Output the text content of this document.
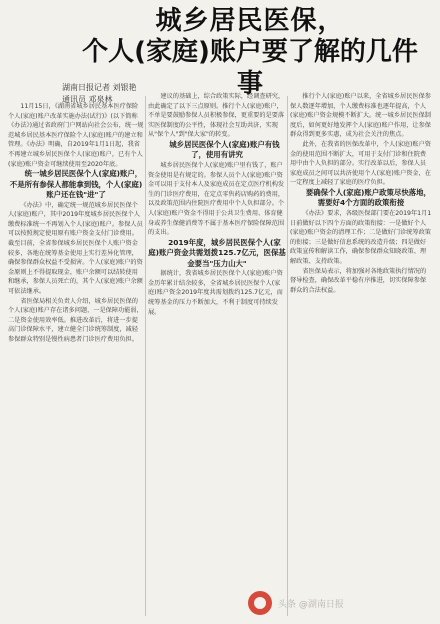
城乡居民医保，
个人(家庭)账户要了解的几件事
湖南日报记者 刘银艳
通讯员 邓泉林

11月15日，《湖南省城乡居民基本医疗保险个人(家庭)账户改革实施办法(试行)》(以下简称《办法》)通过省政府门户网站向社会公布，统一规范城乡居民基本医疗保险个人(家庭)账户的建立和管理。《办法》明确，自2019年1月1日起，我省不再建立城乡居民医保个人(家庭)账户，已有个人(家庭)账户资金可继续使用至2020年底。

统一城乡居民医保个人(家庭)账户，不是所有参保人都能拿到钱，个人(家庭)账户还在钱"进"了

《办法》中，确定统一规范城乡居民医保个人(家庭)账户，其中2019年度城乡居民医保个人缴费标准统一不再划入个人(家庭)账户。参保人员可以按照规定使用原有账户资金支付门诊费用。截至目前，全省参保城乡居民医保个人账户资金较多，各地在统筹基金使用上实行差异化管理，确保参保群众权益不受损害。个人(家庭)账户的资金原则上不得提取现金，账户余额可以结转使用和继承，参保人员死亡的，其个人(家庭)账户余额可依法继承。

省医保局相关负责人介绍，城乡居民医保的个人(家庭)账户存在诸多问题，一是保障功能弱，二是资金使用效率低。推进改革后，将进一步提高门诊保障水平，建立健全门诊统筹制度，减轻参保群众特别是慢性病患者门诊医疗费用负担。

建议的基础上，综合政策实际，经调查研究，由此确定了以下三点原则。推行个人(家庭)账户，不单是要鼓励参保人员积极参保，更重要的是要落实医保制度的公平性，体现社会互助共济，实现从"保个人"到"保大家"的转变。

城乡居民医保个人(家庭)账户有钱了，使用有讲究

城乡居民医保个人(家庭)账户里有钱了，账户资金使用是有规定的。参保人员个人(家庭)账户资金可以用于支付本人及家庭成员在定点医疗机构发生的门诊医疗费用，在定点零售药店购药的费用，以及政策范围内住院医疗费用中个人负担部分。个人(家庭)账户资金不得用于公共卫生费用、体育健身或养生保健消费等不属于基本医疗保险保障范围的支出。

2019年度，城乡居民医保个人(家庭)账户资金共需划拨125.7亿元，医保基金要当"压力山大"

据统计，我省城乡居民医保个人(家庭)账户资金历年累计结余较多，全省城乡居民医保个人(家庭)账户资金2019年度共需划拨约125.7亿元，而统筹基金的压力不断加大，不利于制度可持续发展。

推行个人(家庭)账户以来，全省城乡居民医保参保人数逐年增加，个人缴费标准也逐年提高，个人(家庭)账户资金规模不断扩大。统一城乡居民医保制度后，如何更好地发挥个人(家庭)账户作用，让参保群众得到更多实惠，成为社会关注的焦点。

此外，在我省的医保改革中，个人(家庭)账户资金的使用范围不断扩大，可用于支付门诊和住院费用中由个人负担的部分。实行改革以后，参保人员家庭成员之间可以共济使用个人(家庭)账户资金，在一定程度上减轻了家庭的医疗负担。

要确保个人(家庭)账户政策尽快落地，需要好4个方面的政策衔接

《办法》要求，各级医保部门要在2019年1月1日前做好以下四个方面的政策衔接：一是做好个人(家庭)账户资金的清理工作；二是做好门诊统筹政策的衔接；三是做好信息系统的改造升级；四是做好政策宣传和解读工作，确保参保群众知晓政策、理解政策、支持政策。

省医保局表示，将加强对各地政策执行情况的督导检查，确保改革平稳有序推进，切实保障参保群众的合法权益。

头条 @湖南日报
